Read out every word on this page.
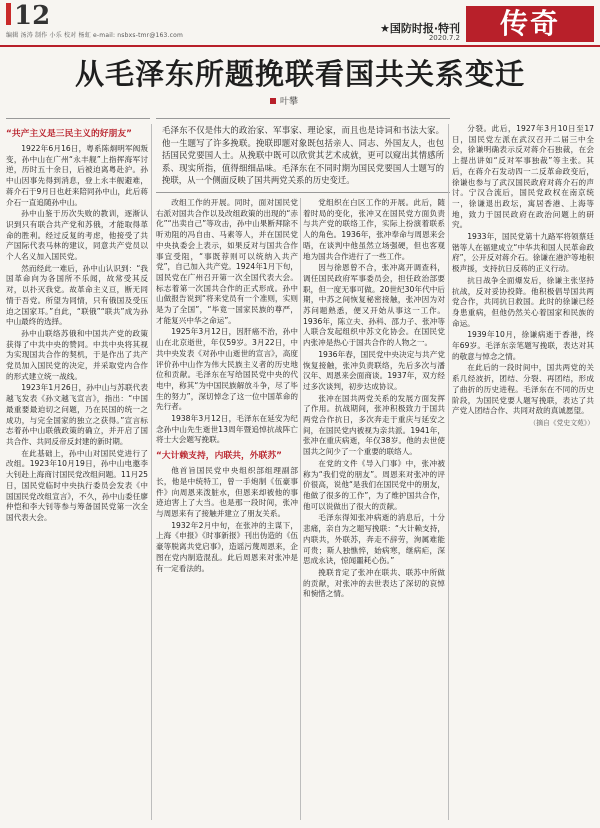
12
编辑 汤涛 制作 小乐 校对 杨虹 e-mail: nsbxs-tmr@163.com
★国防时报·特刊
2020.7.2	传奇
从毛泽东所题挽联看国共关系变迁
叶攀
毛泽东不仅是伟大的政治家、军事家、理论家，而且也是诗词和书法大家。他一生题写了许多挽联。挽联即题对象既包括亲人、同志、外国友人，也包括国民党要国人士。从挽联中既可以欣赏其艺术成就，更可以窥出其情感所系、现实所指，值得细细品味。毛泽东在不同时期为国民党要国人士题写的挽联，从一个侧面反映了国共两党关系的历史变迁。

“共产主义是三民主义的好朋友”

1922年6月16日，粤系陈炯明军阀叛变，孙中山在广州“永丰舰”上指挥海军讨逆，历时五十余日，后被迫离粤赴沪。孙中山因事先得到消息，登上永丰舰避难，蒋介石于9月日也赶来陪同孙中山，此后蒋介石一直追随孙中山。

孙中山鉴于历次失败的教训，逐渐认识到只有联合共产党和苏俄，才能取得革命的胜利。经过反复的考虑，他接受了共产国际代表马林的建议，同意共产党员以个人名义加入国民党。

然而经此一难后，孙中山认识到：“我国革命向为各国所不乐闻，故常受其反对，以扑灭我党。故革命主义亘，断无同情于吾党。所望为同情，只有俄国及受压迫之国家耳。”自此，“联俄”“联共”成为孙中山最终的选择。

孙中山联络苏俄和中国共产党的政策获得了中共中央的赞同。中共中央将其视为实现国共合作的契机，于是作出了共产党员加入国民党的决定，并采取党内合作的形式建立统一战线。

1923年1月26日，孙中山与苏联代表越飞发表《孙文越飞宣言》，指出：“中国最重要最迫切之问题，乃在民国的统一之成功，与完全国家的独立之获得。”宣言标志着孙中山联俄政策的确立，并开启了国共合作、共同反帝反封建的新时期。

在此基础上，孙中山对国民党进行了改组。1923年10月19日，孙中山电邀李大钊赴上海商讨国民党改组问题。11月25日，国民党临时中央执行委员会发表《中国国民党改组宣言》，不久，孙中山委任廖仲恺和李大钊等参与筹备国民党第一次全国代表大会。

改组工作的开展。同时，面对国民党右派对国共合作以及改组政策的出现的“赤化”“出卖自己”等攻击，孙中山果断拜除不听劝阻的冯自由、马素等人，并在国民党中央执委会上表示，如果反对与国共合作事宜受阻，“事既荐则可以统纳入共产党”，自己加入共产党。1924年1月下旬，国民党在广州召开第一次全国代表大会。标志着第一次国共合作的正式形成。孙中山做报告说到“将来党员有一个准则，实则是为了全国”，“毕竟一国家民族的尊严，才能复兴中华之命运”。

1925年3月12日，因肝癌不治，孙中山在北京逝世，年仅59岁。3月22日，中共中央发表《对孙中山逝世的宣言》，高度评价孙中山作为伟大民族主义者的历史地位和贡献。毛泽东在写给国民党中央的代电中，称其“为中国民族解放斗争，尽了毕生的努力”，深切悼念了这一位中国革命的先行者。

1938年3月12日，毛泽东在延安为纪念孙中山先生逝世13周年暨追悼抗战阵亡将士大会题写挽联。

“大计赖支持，内联共，外联苏”

他首旨国民党中央组织部组理副部长，他是中统特工，曾一手炮制《伍豪事件》向周恩来泼脏水，但恩来却被他的事迹迫害上了大当。也是那一段时间，张冲与周恩来有了接触并建立了朋友关系。

1932年2月中旬，在张冲的主谋下，上海《申报》《时事新报》刊出伪造的《伍豪等脱离共党启事》，造谣污蔑周恩来，企图在党内制造混乱。此后周恩来对张冲是有一定看法的。

党组织在白区工作的开展。此后，随着时局的变化，张冲又在国民党方面负责与共产党的联络工作，实际上扮演着联系人的角色。1936年，张冲奉命与周恩来会晤，在谈判中他虽然立场强硬，但也客观地为国共合作进行了一些工作。

因与徐恩曾不合，张冲离开调查科，调任国民政府军事委员会，担任政治部要职，但一度无事可做。20世纪30年代中后期，中苏之间恢复秘密接触，张冲因为对苏问题熟悉，便又开始从事这一工作。1936年，陈立夫、孙科、邵力子、张冲等人联合发起组织中苏文化协会。在国民党内张冲是热心于国共合作的人物之一。

1936年春，国民党中央决定与共产党恢复接触，张冲负责联络，先后多次与潘汉年、周恩来会面商谈。1937年，双方经过多次谈判，初步达成协议。

张冲在国共两党关系的发展方面发挥了作用。抗战期间，张冲积极致力于国共两党合作抗日，多次奔走于重庆与延安之间，在国民党内被视为亲共派。1941年，张冲在重庆病逝，年仅38岁。他的去世使国共之间少了一个重要的联络人。

在党的文件《导入门事》中，张冲被称为“我们党的朋友”。周恩来对张冲的评价很高，说他“是我们在国民党中的朋友，他做了很多的工作”，为了维护国共合作，他可以说做出了很大的贡献。

毛泽东得知张冲病逝的消息后，十分悲痛，亲自为之题写挽联：“大计赖支持，内联共，外联苏，奔走不辞劳，洵属难能可贵；斯人独憔悴，始病寒，继病疟，深思成永诀，惊闻噩耗心伤。”

挽联肯定了张冲在联共、联苏中所做的贡献，对张冲的去世表达了深切的哀悼和惋惜之情。

分裂。此后，1927年3月10日至17日，国民党左派在武汉召开二届三中全会，徐谦明确表示反对蒋介石独裁，在会上提出讲如“反对军事独裁”等主张。其后，在蒋介石发动四一二反革命政变后，徐谦也参与了武汉国民政府对蒋介石的声讨。宁汉合流后，国民党政权在南京统一，徐谦退出政坛，寓居香港、上海等地，致力于国民政府在政治问题上的研究。

1933年，国民党第十九路军将领蔡廷锴等人在福建成立“中华共和国人民革命政府”，公开反对蒋介石。徐谦在港沪等地积极声援，支持抗日反蒋的正义行动。

抗日战争全面爆发后，徐谦主张坚持抗战，反对妥协投降。他积极倡导国共两党合作，共同抗日救国。此时的徐谦已经身患重病，但他仍然关心着国家和民族的命运。

1939年10月，徐谦病逝于香港，终年69岁。毛泽东亲笔题写挽联，表达对其的敬意与悼念之情。

在此后的一段时间中，国共两党的关系几经波折，团结、分裂、再团结，形成了曲折的历史进程。毛泽东在不同的历史阶段，为国民党要人题写挽联，表达了共产党人团结合作、共同对敌的真诚愿望。

（摘自《党史文苑》）
